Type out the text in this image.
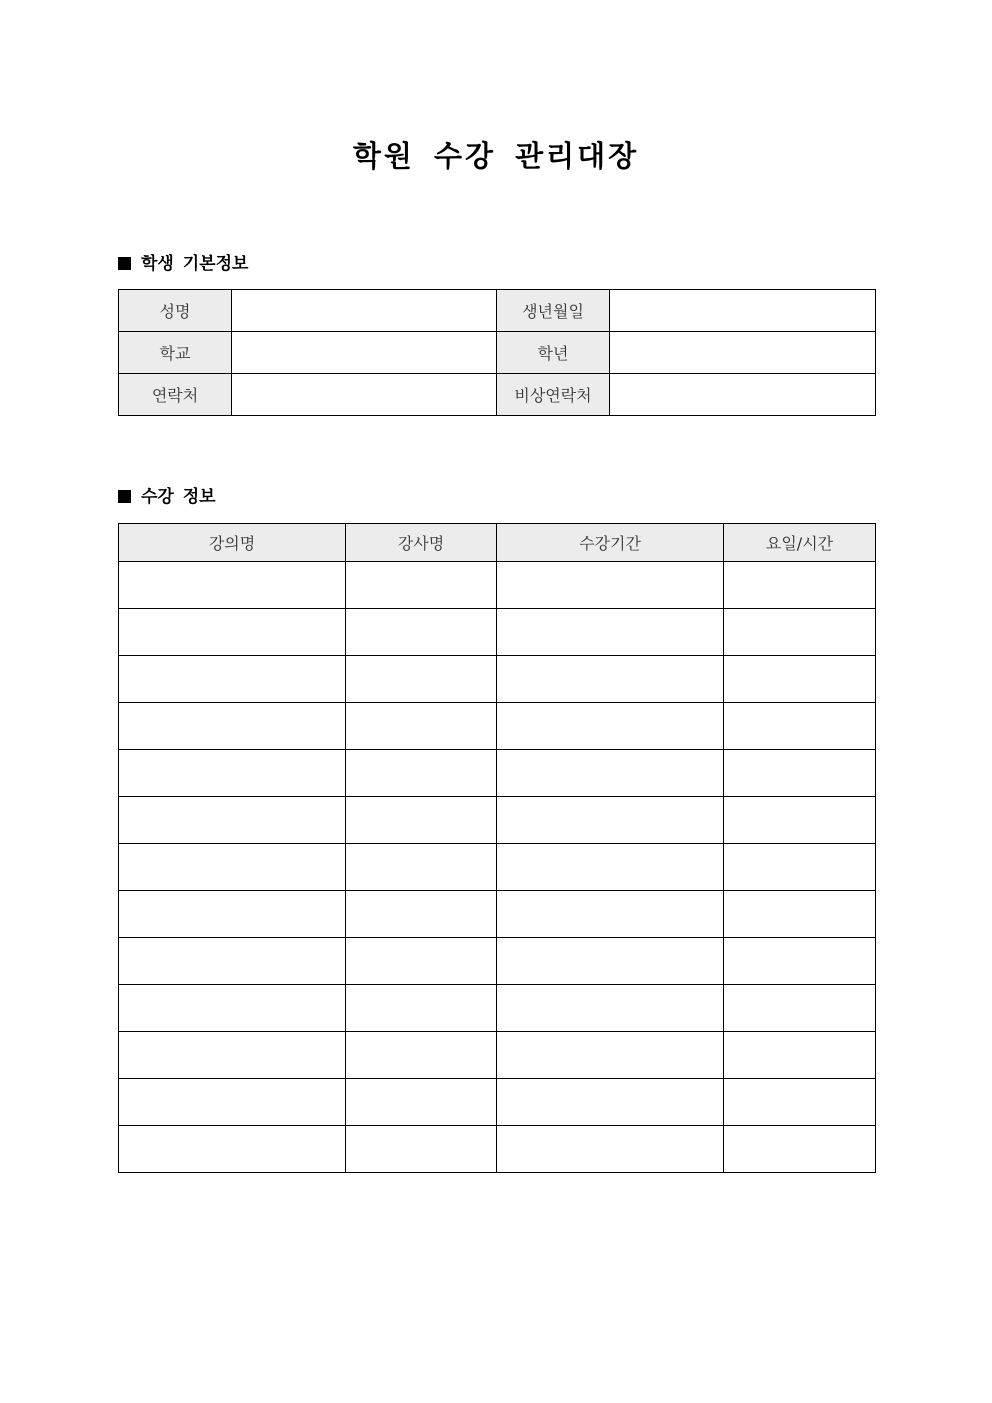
학원 수강 관리대장
학생 기본정보
성명		생년월일	
학교		학년	
연락처		비상연락처	
수강 정보
강의명	강사명	수강기간	요일/시간
